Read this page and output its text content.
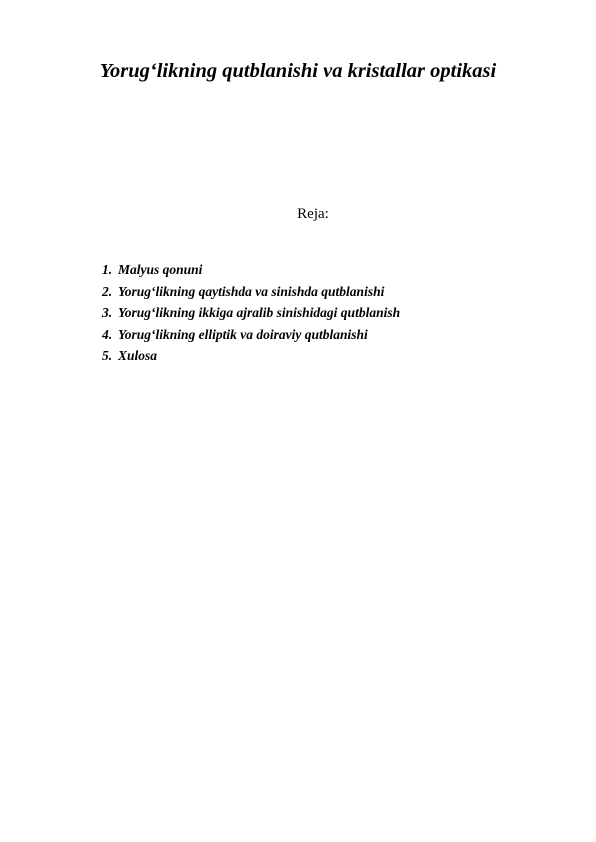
Yorug‘likning qutblanishi va kristallar optikasi
Reja:
1. Malyus qonuni
2. Yorug‘likning qaytishda va sinishda qutblanishi
3. Yorug‘likning ikkiga ajralib sinishidagi qutblanish
4. Yorug‘likning elliptik va doiraviy qutblanishi
5. Xulosa
